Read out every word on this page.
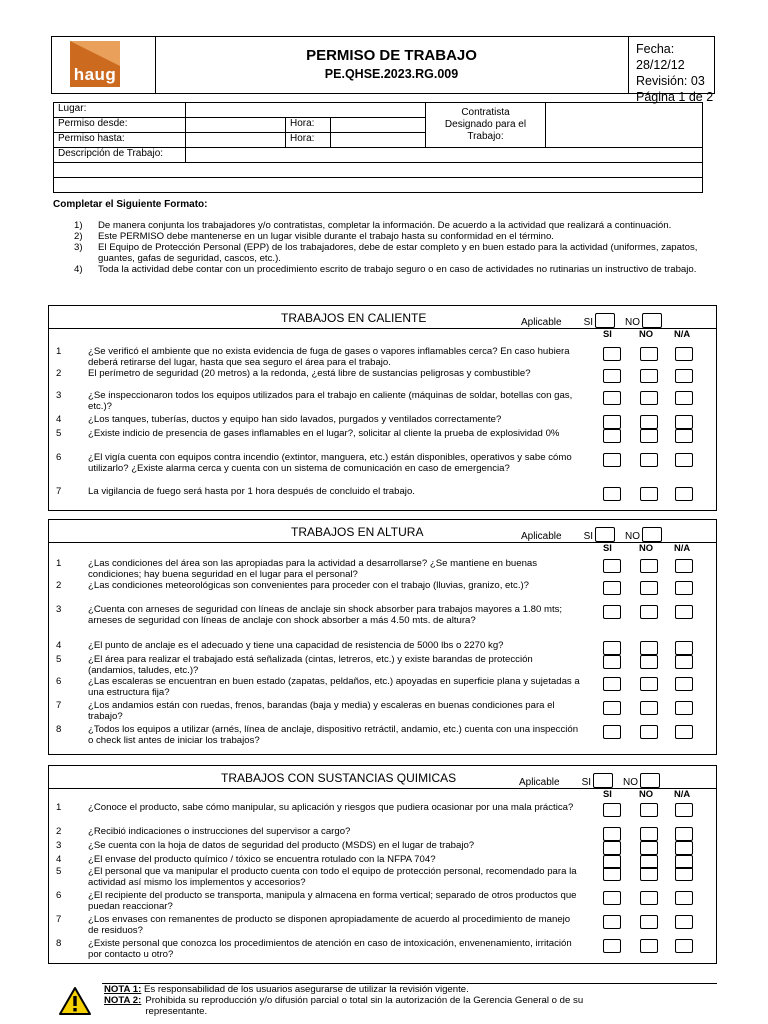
haug
PERMISO DE TRABAJO
PE.QHSE.2023.RG.009
Fecha: 28/12/12
Revisión: 03
Página 1 de 2
Lugar:				Contratista Designado para el Trabajo:	
Permiso desde:		Hora:			
Permiso hasta:		Hora:			
Descripción de Trabajo:					

Completar el Siguiente Formato:
1)	De manera conjunta los trabajadores y/o contratistas, completar la información. De acuerdo a la actividad que realizará a continuación.
2)	Este PERMISO debe mantenerse en un lugar visible durante el trabajo hasta su conformidad en el término.
3)	El Equipo de Protección Personal (EPP) de los trabajadores, debe de estar completo y en buen estado para la actividad (uniformes, zapatos, guantes, gafas de seguridad, cascos, etc.).
4)	Toda la actividad debe contar con un procedimiento escrito de trabajo seguro o en caso de actividades no rutinarias un instructivo de trabajo.
TRABAJOS EN CALIENTE	Aplicable SI	NO
SI	NO N/A
1	¿Se verificó el ambiente que no exista evidencia de fuga de gases o vapores inflamables cerca? En caso hubiera deberá retirarse del lugar, hasta que sea seguro el área para el trabajo.
2	El perímetro de seguridad (20 metros) a la redonda, ¿está libre de sustancias peligrosas y combustible?
3	¿Se inspeccionaron todos los equipos utilizados para el trabajo en caliente (máquinas de soldar, botellas con gas, etc.)?
4	¿Los tanques, tuberías, ductos y equipo han sido lavados, purgados y ventilados correctamente?
5	¿Existe indicio de presencia de gases inflamables en el lugar?, solicitar al cliente la prueba de explosividad 0%
6	¿El vigía cuenta con equipos contra incendio (extintor, manguera, etc.) están disponibles, operativos y sabe cómo utilizarlo? ¿Existe alarma cerca y cuenta con un sistema de comunicación en caso de emergencia?
7	La vigilancia de fuego será hasta por 1 hora después de concluido el trabajo.
TRABAJOS EN ALTURA	Aplicable SI	NO
SI	NO N/A
1	¿Las condiciones del área son las apropiadas para la actividad a desarrollarse? ¿Se mantiene en buenas condiciones; hay buena seguridad en el lugar para el personal?
2	¿Las condiciones meteorológicas son convenientes para proceder con el trabajo (lluvias, granizo, etc.)?
3	¿Cuenta con arneses de seguridad con líneas de anclaje sin shock absorber para trabajos mayores a 1.80 mts; arneses de seguridad con líneas de anclaje con shock absorber a más 4.50 mts. de altura?
4	¿El punto de anclaje es el adecuado y tiene una capacidad de resistencia de 5000 lbs o 2270 kg?
5	¿El área para realizar el trabajado está señalizada (cintas, letreros, etc.) y existe barandas de protección (andamios, taludes, etc.)?
6	¿Las escaleras se encuentran en buen estado (zapatas, peldaños, etc.) apoyadas en superficie plana y sujetadas a una estructura fija?
7	¿Los andamios están con ruedas, frenos, barandas (baja y media) y escaleras en buenas condiciones para el trabajo?
8	¿Todos los equipos a utilizar (arnés, línea de anclaje, dispositivo retráctil, andamio, etc.) cuenta con una inspección o check list antes de iniciar los trabajos?
TRABAJOS CON SUSTANCIAS QUIMICAS	Aplicable SI	NO
SI	NO N/A
1	¿Conoce el producto, sabe cómo manipular, su aplicación y riesgos que pudiera ocasionar por una mala práctica?
2	¿Recibió indicaciones o instrucciones del supervisor a cargo?
3	¿Se cuenta con la hoja de datos de seguridad del producto (MSDS) en el lugar de trabajo?
4	¿El envase del producto químico / tóxico se encuentra rotulado con la NFPA 704?
5	¿El personal que va manipular el producto cuenta con todo el equipo de protección personal, recomendado para la actividad así mismo los implementos y accesorios?
6	¿El recipiente del producto se transporta, manipula y almacena en forma vertical; separado de otros productos que puedan reaccionar?
7	¿Los envases con remanentes de producto se disponen apropiadamente de acuerdo al procedimiento de manejo de residuos?
8	¿Existe personal que conozca los procedimientos de atención en caso de intoxicación, envenenamiento, irritación por contacto u otro?
NOTA 1: Es responsabilidad de los usuarios asegurarse de utilizar la revisión vigente.
NOTA 2: Prohibida su reproducción y/o difusión parcial o total sin la autorización de la Gerencia General o de su representante.
